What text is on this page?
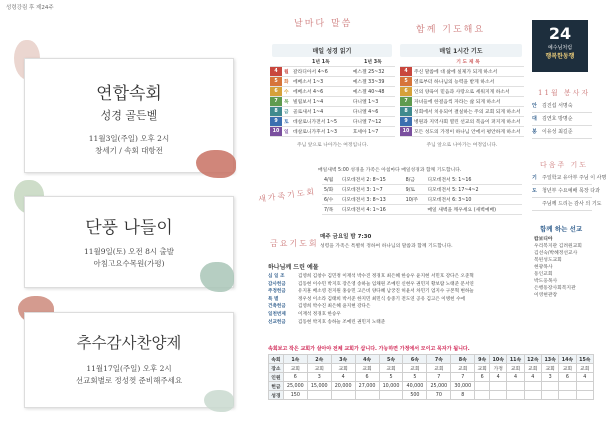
성령강림 후 제24주
연합속회
성경 골든벨
11월3일(주일) 오후 2시
창세기 / 속회 대항전
단풍 나들이
11월9일(토) 오전 8시 출발
아침고요수목원(가평)
추수감사찬양제
11월17일(주일) 오후 2시
선교회별로 정성껏 준비해주세요
날마다 말씀
매일 성경 읽기
		1년 1독	1년 3독
4	월	갈라디아서 4~6	예스겔 25~32
5	화	에베소서 1~3	예스겔 33~39
6	수	에베소서 4~6	예스겔 40~48
7	목	빌립보서 1~4	다니엘 1~3
8	금	골로새서 1~4	다니엘 4~6
9	토	데살로니가전서 1~5	다니엘 7~12
10	일	데살로니가후서 1~3	호세아 1~7
주님 앞으로 나아가는 여정입니다.
새가족기도회
매일새벽 5:00 성경을 가족은 아침마다 매일성경과 함께 기도합니다.
4/월	디모데전서 2: 8~15	8/금	디모데전서 5: 1~16
5/화	디모데전서 3: 1~7	9/토	디모데전서 5: 17~4~2
6/수	디모데전서 3: 8~13	10/주	디모데전서 6: 3~10
7/목	디모데전서 4: 1~16		매일 새벽을 깨우세요 (새벽예배)
금요기도회
매주 금요일 밤 7:30
성령을 가족은 특별히 정하여 하나님의 말씀과 함께 기도합니다.
함께 기도해요
매일 1시간 기도
	기 도 제 목
4	주신 말씀에 대 삶에 실제가 되게 하소서
5	열로부터 하나님의 능력을 받게 하소서
6	인의 양육이 믿음과 사랑으로 세워지게 하소서
7	자녀들에 한걸음씩 자라는 삶 되게 하소서
8	성회에서 치유되어 결실하는 주의 교회 되게 하소서
9	병원과 지역사회 열린 선교의 복음이 퍼지게 하소서
10	모든 성도의 가정이 하나님 안에서 평안하게 하소서
주님 앞으로 나아가는 여정입니다.
하나님께 드린 예물
십 일 조	김영희 김창수 김민정 이재석 박수진 정경호 최은혜 한승우 윤지현 서민호 강다은 오준혁
감사헌금	김동현 이수민 박지호 장은영 송하늘 임채원 조예린 신현우 권민지 황보람 노태준 문서연
주정헌금	유지훈 배소영 전지원 홍승민 고은비 양다혜 남궁진 허윤서 차민기 엄지수 구본혁 변하늘
특 별	정우성 이소라 김태희 박서준 한지민 최민식 송중기 전도연 공유 김고은 이병헌 수애
건축헌금	김영희 박수진 최은혜 윤지현 강다은
일천번제	이재석 정경호 한승우
선교헌금	김동현 박지호 송하늘 조예린 권민지 노태준
속회보고 작은 교회가 살아야 전체 교회가 삽니다. 가능하면 가정에서 모이고 목자가 됩니다.
속회	1속	2속	3속	4속	5속	6속	7속	8속	9속	10속	11속	12속	13속	14속	15속
장소	교회	교회	교회	교회	교회	교회	교회	교회	교회	가정	교회	교회	교회	교회	교회
인원	6	3	4	6	5	5	7	7	6	4	4	4	3	6	4
헌금	25,000	15,000	20,000	27,000	10,000	40,000	25,000	30,000							
성경	150					500	70	8							
24
예수님처럼
행복한동행
11월 봉사자
안	김진섭 서명숙
대	김연호 방명순
봉	이유성 최길준
다음주 기도
기	주일학교 유아부 주님 이 사명
도	청년부 수요예배 목장 다과
주님께 드리는 감사 의 기도
함께 하는 선교
캄보디아
우리복지관 김려원교회
김선숙/박혜정선교사
복된성도교회
현광목사
동인교회
박도웅목사
은행동장사회복지관
이영현관장
